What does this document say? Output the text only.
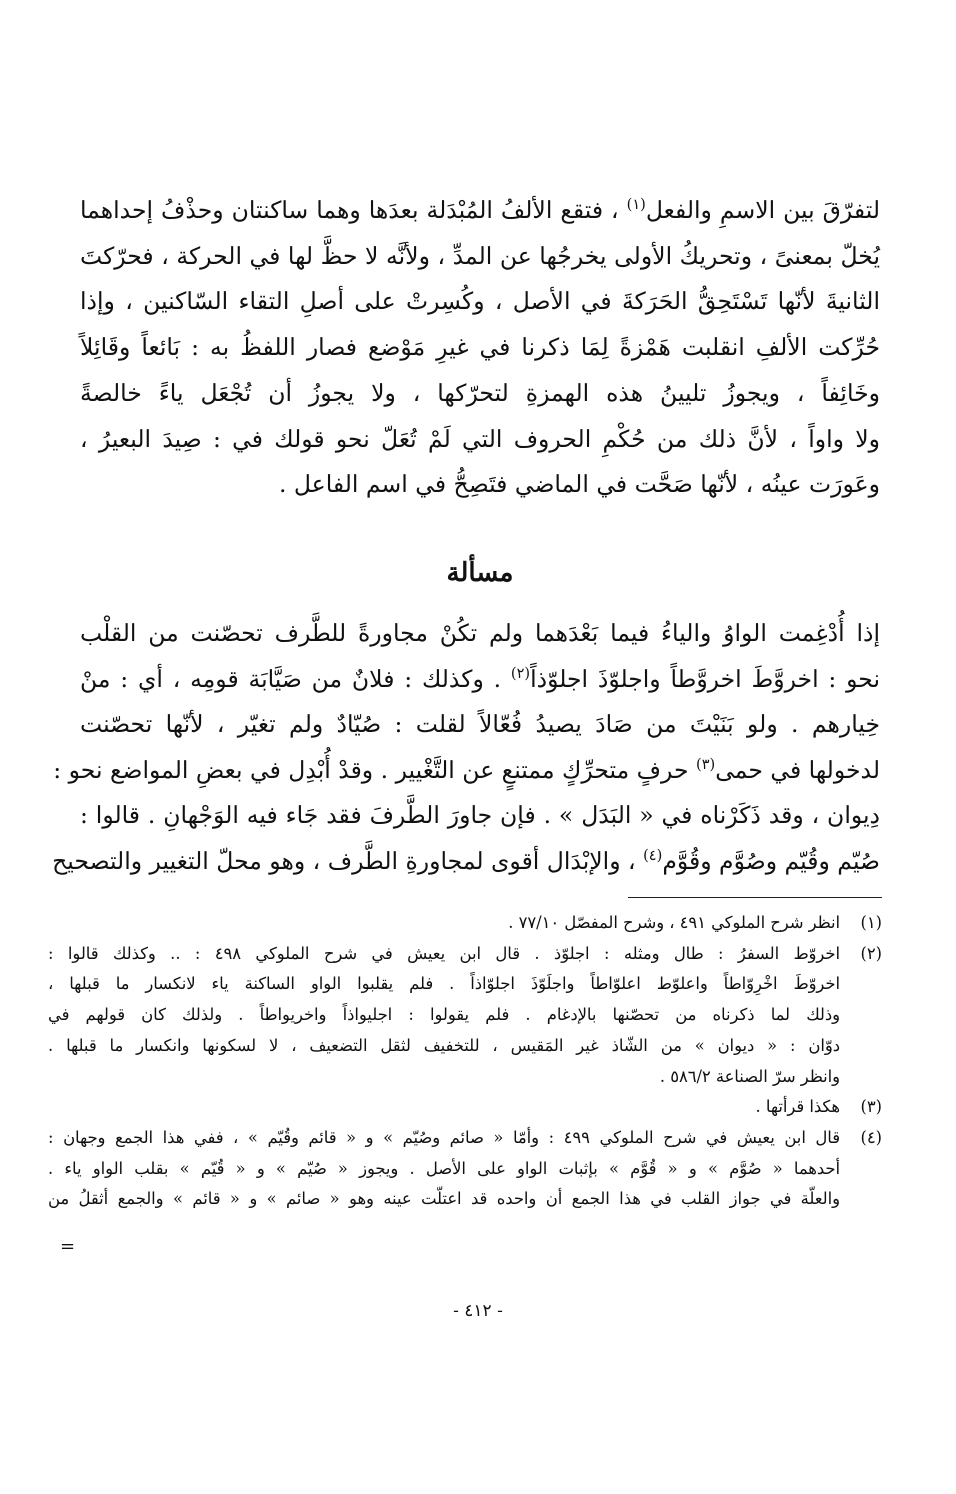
لتفرّقَ بين الاسمِ والفعل$^{(١)}$ ، فتقع الألفُ المُبْدَلة بعدَها وهما ساكنتان وحذْفُ إحداهما
يُخلّ بمعنىً ، وتحريكُ الأولى يخرجُها عن المدِّ ، ولأنَّه لا حظَّ لها في الحركة ، فحرّكتَ
الثانيةَ لأنّها تَسْتَحِقُّ الحَرَكةَ في الأصل ، وكُسِرتْ على أصلِ التقاء السّاكنين ، وإذا
حُرِّكت الألفِ انقلبت هَمْزةً لِمَا ذكرنا في غيرِ مَوْضع فصار اللفظُ به : بَائعاً وقَائِلاً
وخَائِفاً ، ويجوزُ تليينُ هذه الهمزةِ لتحرّكها ، ولا يجوزُ أن تُجْعَل ياءً خالصةً
ولا واواً ، لأنَّ ذلك من حُكْمِ الحروف التي لَمْ تُعَلّ نحو قولك في : صِيدَ البعيرُ ،
وعَورَت عينُه ، لأنّها صَحَّت في الماضي فتَصِحُّ في اسم الفاعل .
مسألة
إذا أُدْغِمت الواوُ والياءُ فيما بَعْدَهما ولم تكُنْ مجاورةً للطَّرف تحصّنت من القلْب
نحو : اخروَّطَ اخروَّطاً واجلوّذَ اجلوّذاً$^{(٢)}$ . وكذلك : فلانٌ من صَيَّابَة قومِه ، أي : منْ
خِيارهم . ولو بَنَيْتَ من صَادَ يصيدُ فُعّالاً لقلت : صُيّادٌ ولم تغيّر ، لأنّها تحصّنت
لدخولها في حمى$^{(٣)}$ حرفٍ متحرِّكٍ ممتنعٍ عن التَّغْيير . وقدْ أُبْدِل في بعضِ المواضع نحو :
دِيوان ، وقد ذَكَرْناه في « البَدَل » . فإن جاورَ الطَّرفَ فقد جَاء فيه الوَجْهانِ . قالوا :
صُيّم وقُيّم وصُوَّم وقُوَّم$^{(٤)}$ ، والإبْدَال أقوى لمجاورةِ الطَّرف ، وهو محلّ التغيير والتصحيح
(١)
انظر شرح الملوكي ٤٩١ ، وشرح المفصّل ٧٧/١٠ .
(٢)
اخروّط السفرُ : طال ومثله : اجلوّذ . قال ابن يعيش في شرح الملوكي ٤٩٨ : .. وكذلك قالوا :
اخروّطَ اخْرِوّاطاً واعلوّط اعلوّاطاً واجلَوّذَ اجلوّاذاً . فلم يقلبوا الواو الساكنة ياء لانكسار ما قبلها ،
وذلك لما ذكرناه من تحصّنها بالإدغام . فلم يقولوا : اجليواذاً واخريواطاً . ولذلك كان قولهم في
دوّان : « ديوان » من الشّاذ غير المَقيس ، للتخفيف لثقل التضعيف ، لا لسكونها وانكسار ما قبلها .
وانظر سرّ الصناعة ٥٨٦/٢ .
(٣)
هكذا قرأتها .
(٤)
قال ابن يعيش في شرح الملوكي ٤٩٩ : وأمّا « صائم وصُيّم » و « قائم وقُيّم » ، ففي هذا الجمع وجهان :
أحدهما « صُوَّم » و « قُوَّم » بإثبات الواو على الأصل . ويجوز « صُيّم » و « قُيّم » بقلب الواو ياء .
والعلّة في جواز القلب في هذا الجمع أن واحده قد اعتلّت عينه وهو « صائم » و « قائم » والجمع أثقلُ من
=
- ٤١٢ -
